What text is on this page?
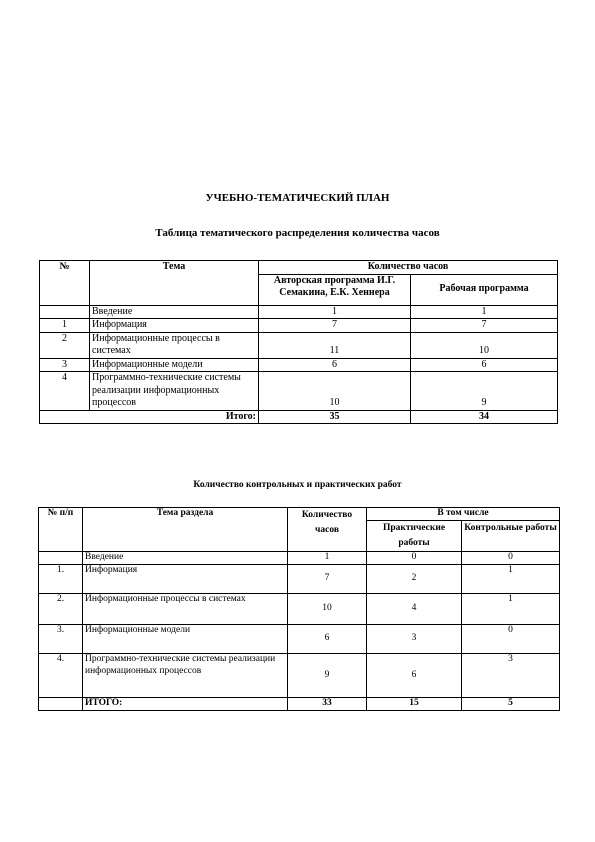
УЧЕБНО-ТЕМАТИЧЕСКИЙ ПЛАН
Таблица тематического распределения количества часов
№	Тема	Количество часов	
		Авторская программа И.Г. Семакина, Е.К. Хеннера	Рабочая программа
	Введение	1	1
1	Информация	7	7
2	Информационные процессы в системах	11	10
3	Информационные модели	6	6
4	Программно-технические системы реализации информационных процессов	10	9
	Итого:	35	34
Количество контрольных и практических работ
№ п/п	Тема раздела	Количество часов	В том числе	
			Практические работы	Контрольные работы
	Введение	1	0	0
1.	Информация	7	2	1
2.	Информационные процессы в системах	10	4	1
3.	Информационные модели	6	3	0
4.	Программно-технические системы реализации информационных процессов	9	6	3
	ИТОГО:	33	15	5
